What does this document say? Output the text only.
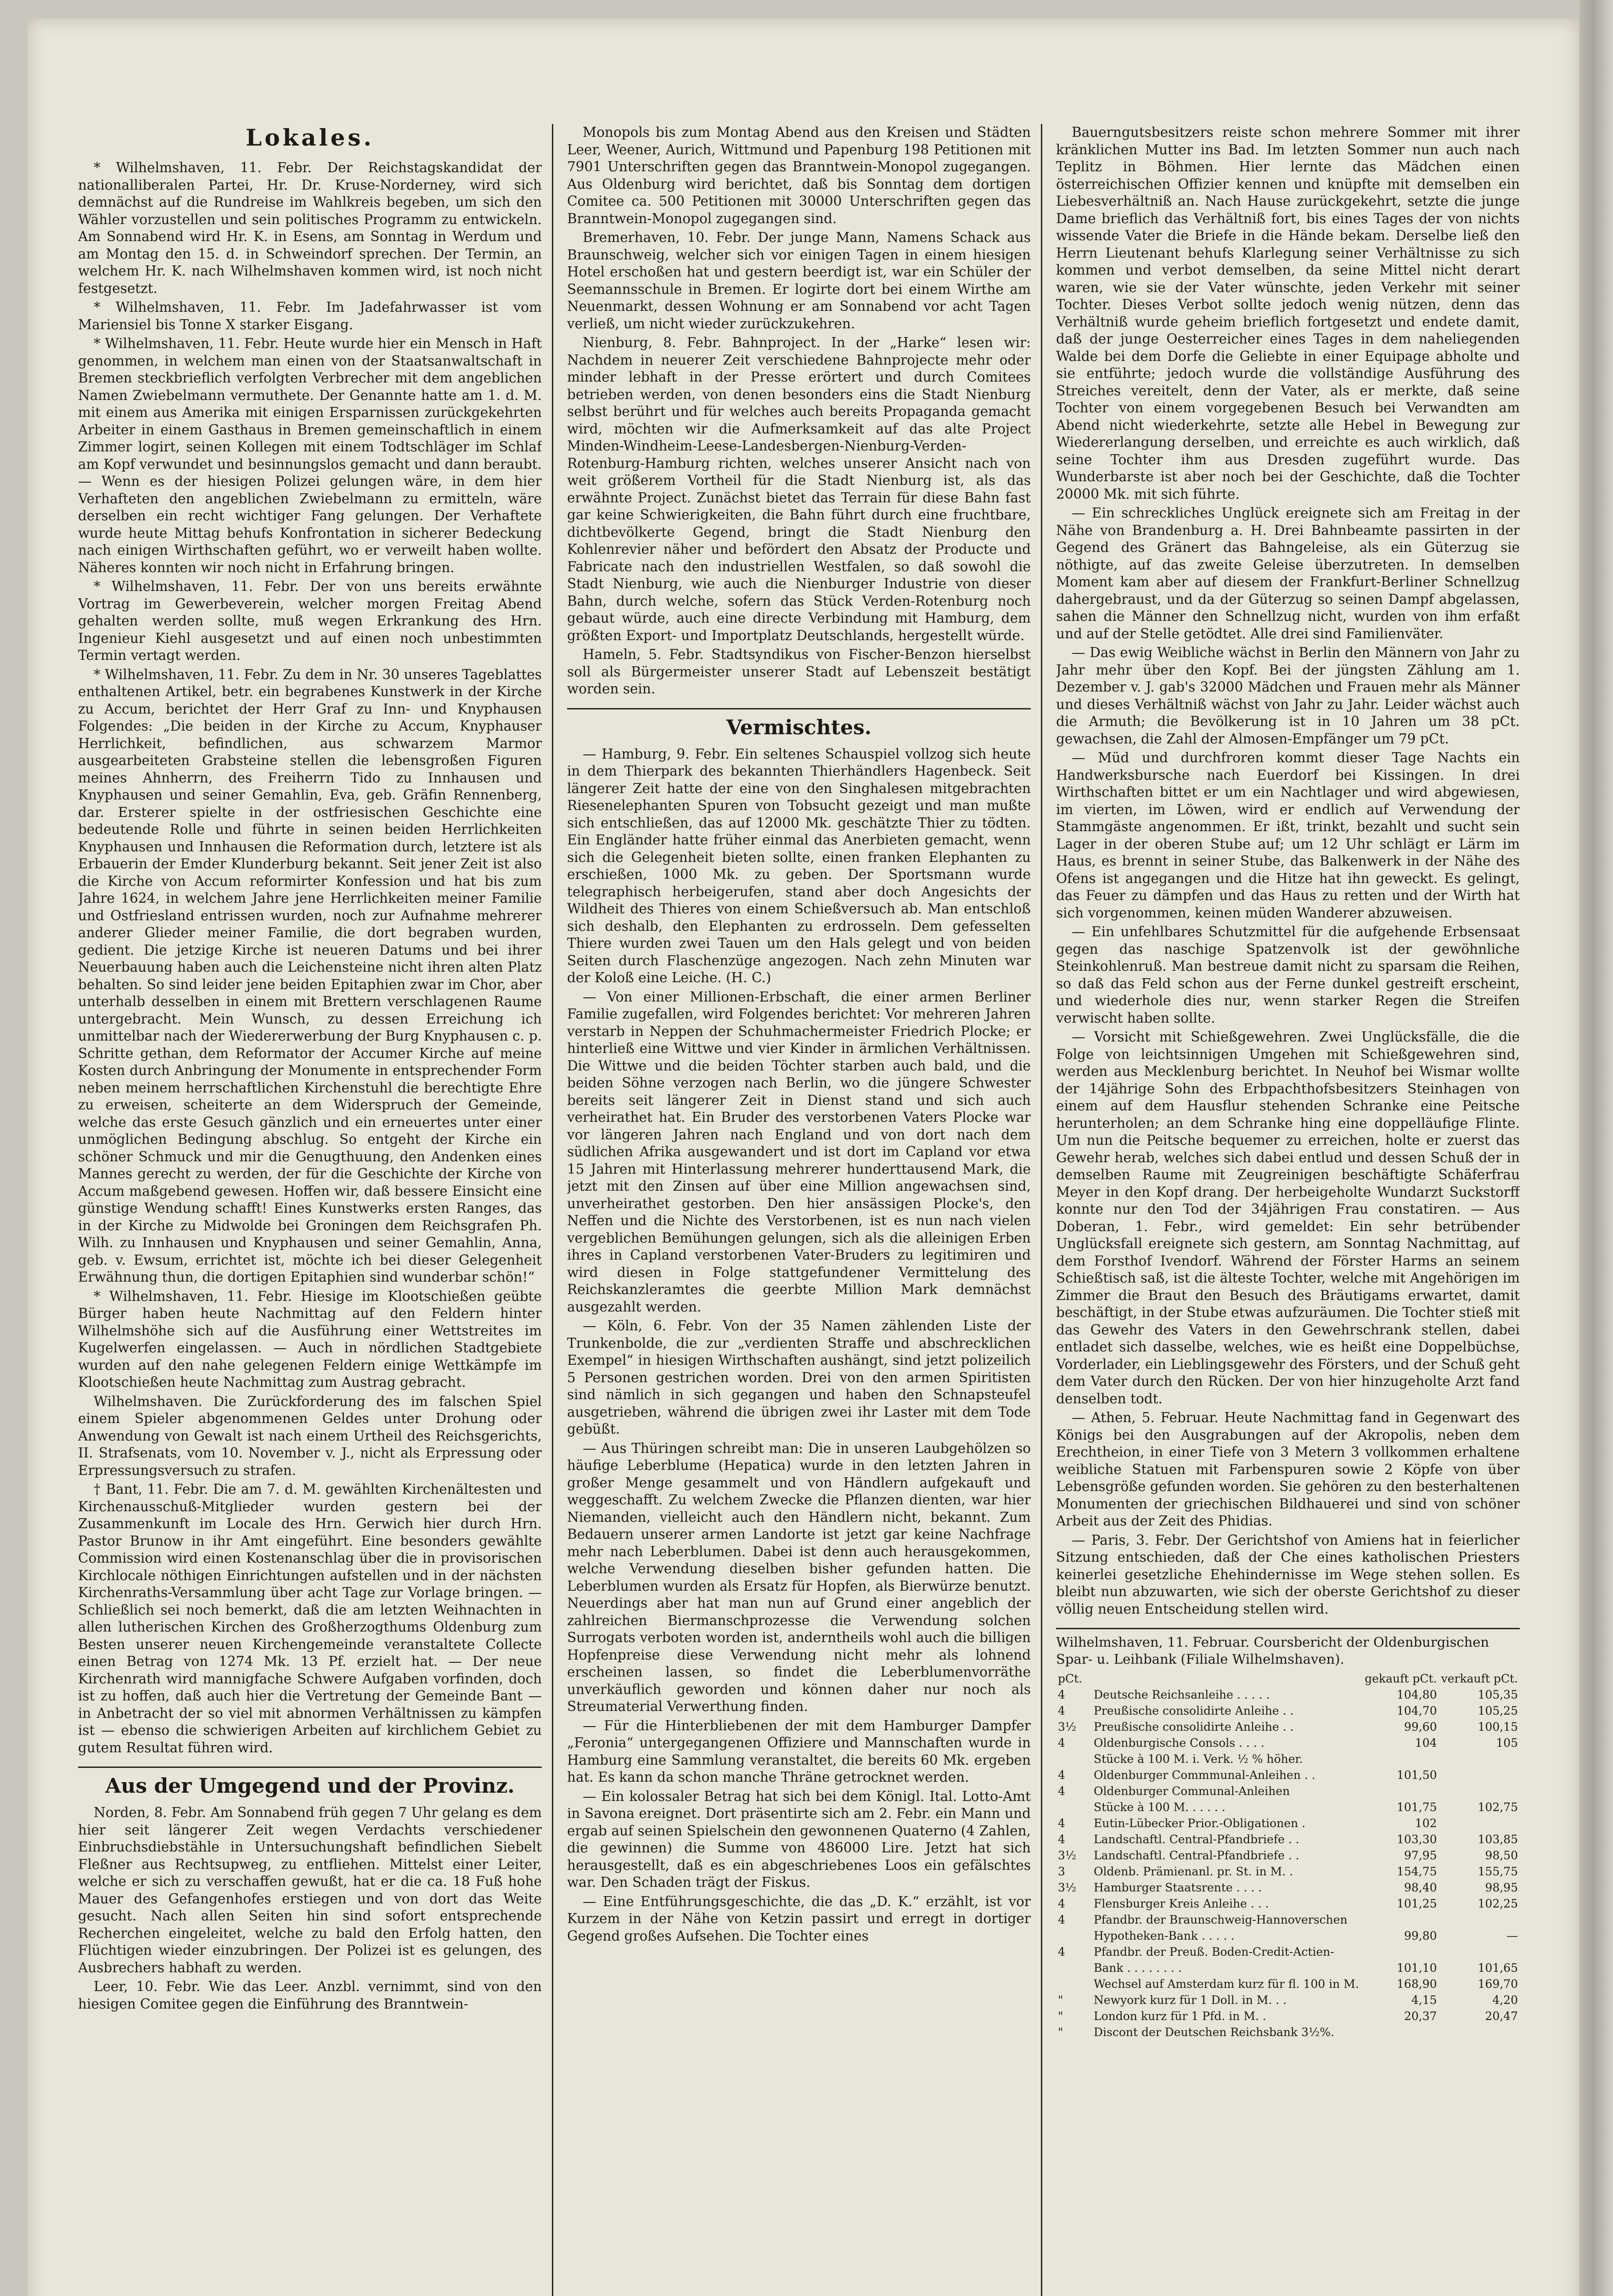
Lokales.

* Wilhelmshaven, 11. Febr. Der Reichstagskandidat der nationalliberalen Partei, Hr. Dr. Kruse-Norderney, wird sich demnächst auf die Rundreise im Wahlkreis begeben, um sich den Wähler vorzustellen und sein politisches Programm zu entwickeln. Am Sonnabend wird Hr. K. in Esens, am Sonntag in Werdum und am Montag den 15. d. in Schweindorf sprechen. Der Termin, an welchem Hr. K. nach Wilhelmshaven kommen wird, ist noch nicht festgesetzt.

* Wilhelmshaven, 11. Febr. Im Jadefahrwasser ist vom Mariensiel bis Tonne X starker Eisgang.

* Wilhelmshaven, 11. Febr. Heute wurde hier ein Mensch in Haft genommen, in welchem man einen von der Staatsanwaltschaft in Bremen steckbrieflich verfolgten Verbrecher mit dem angeblichen Namen Zwiebelmann vermuthete. Der Genannte hatte am 1. d. M. mit einem aus Amerika mit einigen Ersparnissen zurückgekehrten Arbeiter in einem Gasthaus in Bremen gemeinschaftlich in einem Zimmer logirt, seinen Kollegen mit einem Todtschläger im Schlaf am Kopf verwundet und besinnungslos gemacht und dann beraubt. — Wenn es der hiesigen Polizei gelungen wäre, in dem hier Verhafteten den angeblichen Zwiebelmann zu ermitteln, wäre derselben ein recht wichtiger Fang gelungen. Der Verhaftete wurde heute Mittag behufs Konfrontation in sicherer Bedeckung nach einigen Wirthschaften geführt, wo er verweilt haben wollte. Näheres konnten wir noch nicht in Erfahrung bringen.

* Wilhelmshaven, 11. Febr. Der von uns bereits erwähnte Vortrag im Gewerbeverein, welcher morgen Freitag Abend gehalten werden sollte, muß wegen Erkrankung des Hrn. Ingenieur Kiehl ausgesetzt und auf einen noch unbestimmten Termin vertagt werden.

* Wilhelmshaven, 11. Febr. Zu dem in Nr. 30 unseres Tageblattes enthaltenen Artikel, betr. ein begrabenes Kunstwerk in der Kirche zu Accum, berichtet der Herr Graf zu Inn- und Knyphausen Folgendes: „Die beiden in der Kirche zu Accum, Knyphauser Herrlichkeit, befindlichen, aus schwarzem Marmor ausgearbeiteten Grabsteine stellen die lebensgroßen Figuren meines Ahnherrn, des Freiherrn Tido zu Innhausen und Knyphausen und seiner Gemahlin, Eva, geb. Gräfin Rennenberg, dar. Ersterer spielte in der ostfriesischen Geschichte eine bedeutende Rolle und führte in seinen beiden Herrlichkeiten Knyphausen und Innhausen die Reformation durch, letztere ist als Erbauerin der Emder Klunderburg bekannt. Seit jener Zeit ist also die Kirche von Accum reformirter Konfession und hat bis zum Jahre 1624, in welchem Jahre jene Herrlichkeiten meiner Familie und Ostfriesland entrissen wurden, noch zur Aufnahme mehrerer anderer Glieder meiner Familie, die dort begraben wurden, gedient. Die jetzige Kirche ist neueren Datums und bei ihrer Neuerbauung haben auch die Leichensteine nicht ihren alten Platz behalten. So sind leider jene beiden Epitaphien zwar im Chor, aber unterhalb desselben in einem mit Brettern verschlagenen Raume untergebracht. Mein Wunsch, zu dessen Erreichung ich unmittelbar nach der Wiedererwerbung der Burg Knyphausen c. p. Schritte gethan, dem Reformator der Accumer Kirche auf meine Kosten durch Anbringung der Monumente in entsprechender Form neben meinem herrschaftlichen Kirchenstuhl die berechtigte Ehre zu erweisen, scheiterte an dem Widerspruch der Gemeinde, welche das erste Gesuch gänzlich und ein erneuertes unter einer unmöglichen Bedingung abschlug. So entgeht der Kirche ein schöner Schmuck und mir die Genugthuung, den Andenken eines Mannes gerecht zu werden, der für die Geschichte der Kirche von Accum maßgebend gewesen. Hoffen wir, daß bessere Einsicht eine günstige Wendung schafft! Eines Kunstwerks ersten Ranges, das in der Kirche zu Midwolde bei Groningen dem Reichsgrafen Ph. Wilh. zu Innhausen und Knyphausen und seiner Gemahlin, Anna, geb. v. Ewsum, errichtet ist, möchte ich bei dieser Gelegenheit Erwähnung thun, die dortigen Epitaphien sind wunderbar schön!“

* Wilhelmshaven, 11. Febr. Hiesige im Klootschießen geübte Bürger haben heute Nachmittag auf den Feldern hinter Wilhelmshöhe sich auf die Ausführung einer Wettstreites im Kugelwerfen eingelassen. — Auch in nördlichen Stadtgebiete wurden auf den nahe gelegenen Feldern einige Wettkämpfe im Klootschießen heute Nachmittag zum Austrag gebracht.

Wilhelmshaven. Die Zurückforderung des im falschen Spiel einem Spieler abgenommenen Geldes unter Drohung oder Anwendung von Gewalt ist nach einem Urtheil des Reichsgerichts, II. Strafsenats, vom 10. November v. J., nicht als Erpressung oder Erpressungsversuch zu strafen.

† Bant, 11. Febr. Die am 7. d. M. gewählten Kirchenältesten und Kirchenausschuß-Mitglieder wurden gestern bei der Zusammenkunft im Locale des Hrn. Gerwich hier durch Hrn. Pastor Brunow in ihr Amt eingeführt. Eine besonders gewählte Commission wird einen Kostenanschlag über die in provisorischen Kirchlocale nöthigen Einrichtungen aufstellen und in der nächsten Kirchenraths-Versammlung über acht Tage zur Vorlage bringen. — Schließlich sei noch bemerkt, daß die am letzten Weihnachten in allen lutherischen Kirchen des Großherzogthums Oldenburg zum Besten unserer neuen Kirchengemeinde veranstaltete Collecte einen Betrag von 1274 Mk. 13 Pf. erzielt hat. — Der neue Kirchenrath wird mannigfache Schwere Aufgaben vorfinden, doch ist zu hoffen, daß auch hier die Vertretung der Gemeinde Bant — in Anbetracht der so viel mit abnormen Verhältnissen zu kämpfen ist — ebenso die schwierigen Arbeiten auf kirchlichem Gebiet zu gutem Resultat führen wird.

Aus der Umgegend und der Provinz.

Norden, 8. Febr. Am Sonnabend früh gegen 7 Uhr gelang es dem hier seit längerer Zeit wegen Verdachts verschiedener Einbruchsdiebstähle in Untersuchungshaft befindlichen Siebelt Fleßner aus Rechtsupweg, zu entfliehen. Mittelst einer Leiter, welche er sich zu verschaffen gewußt, hat er die ca. 18 Fuß hohe Mauer des Gefangenhofes erstiegen und von dort das Weite gesucht. Nach allen Seiten hin sind sofort entsprechende Recherchen eingeleitet, welche zu bald den Erfolg hatten, den Flüchtigen wieder einzubringen. Der Polizei ist es gelungen, des Ausbrechers habhaft zu werden.

Leer, 10. Febr. Wie das Leer. Anzbl. vernimmt, sind von den hiesigen Comitee gegen die Einführung des Branntwein-

Monopols bis zum Montag Abend aus den Kreisen und Städten Leer, Weener, Aurich, Wittmund und Papenburg 198 Petitionen mit 7901 Unterschriften gegen das Branntwein-Monopol zugegangen. Aus Oldenburg wird berichtet, daß bis Sonntag dem dortigen Comitee ca. 500 Petitionen mit 30000 Unterschriften gegen das Branntwein-Monopol zugegangen sind.

Bremerhaven, 10. Febr. Der junge Mann, Namens Schack aus Braunschweig, welcher sich vor einigen Tagen in einem hiesigen Hotel erschoßen hat und gestern beerdigt ist, war ein Schüler der Seemannsschule in Bremen. Er logirte dort bei einem Wirthe am Neuenmarkt, dessen Wohnung er am Sonnabend vor acht Tagen verließ, um nicht wieder zurückzukehren.

Nienburg, 8. Febr. Bahnproject. In der „Harke“ lesen wir: Nachdem in neuerer Zeit verschiedene Bahnprojecte mehr oder minder lebhaft in der Presse erörtert und durch Comitees betrieben werden, von denen besonders eins die Stadt Nienburg selbst berührt und für welches auch bereits Propaganda gemacht wird, möchten wir die Aufmerksamkeit auf das alte Project Minden-Windheim-Leese-Landesbergen-Nienburg-Verden-Rotenburg-Hamburg richten, welches unserer Ansicht nach von weit größerem Vortheil für die Stadt Nienburg ist, als das erwähnte Project. Zunächst bietet das Terrain für diese Bahn fast gar keine Schwierigkeiten, die Bahn führt durch eine fruchtbare, dichtbevölkerte Gegend, bringt die Stadt Nienburg den Kohlenrevier näher und befördert den Absatz der Producte und Fabricate nach den industriellen Westfalen, so daß sowohl die Stadt Nienburg, wie auch die Nienburger Industrie von dieser Bahn, durch welche, sofern das Stück Verden-Rotenburg noch gebaut würde, auch eine directe Verbindung mit Hamburg, dem größten Export- und Importplatz Deutschlands, hergestellt würde.

Hameln, 5. Febr. Stadtsyndikus von Fischer-Benzon hierselbst soll als Bürgermeister unserer Stadt auf Lebenszeit bestätigt worden sein.

Vermischtes.

— Hamburg, 9. Febr. Ein seltenes Schauspiel vollzog sich heute in dem Thierpark des bekannten Thierhändlers Hagenbeck. Seit längerer Zeit hatte der eine von den Singhalesen mitgebrachten Riesenelephanten Spuren von Tobsucht gezeigt und man mußte sich entschließen, das auf 12000 Mk. geschätzte Thier zu tödten. Ein Engländer hatte früher einmal das Anerbieten gemacht, wenn sich die Gelegenheit bieten sollte, einen franken Elephanten zu erschießen, 1000 Mk. zu geben. Der Sportsmann wurde telegraphisch herbeigerufen, stand aber doch Angesichts der Wildheit des Thieres von einem Schießversuch ab. Man entschloß sich deshalb, den Elephanten zu erdrosseln. Dem gefesselten Thiere wurden zwei Tauen um den Hals gelegt und von beiden Seiten durch Flaschenzüge angezogen. Nach zehn Minuten war der Koloß eine Leiche. (H. C.)

— Von einer Millionen-Erbschaft, die einer armen Berliner Familie zugefallen, wird Folgendes berichtet: Vor mehreren Jahren verstarb in Neppen der Schuhmachermeister Friedrich Plocke; er hinterließ eine Wittwe und vier Kinder in ärmlichen Verhältnissen. Die Wittwe und die beiden Töchter starben auch bald, und die beiden Söhne verzogen nach Berlin, wo die jüngere Schwester bereits seit längerer Zeit in Dienst stand und sich auch verheirathet hat. Ein Bruder des verstorbenen Vaters Plocke war vor längeren Jahren nach England und von dort nach dem südlichen Afrika ausgewandert und ist dort im Capland vor etwa 15 Jahren mit Hinterlassung mehrerer hunderttausend Mark, die jetzt mit den Zinsen auf über eine Million angewachsen sind, unverheirathet gestorben. Den hier ansässigen Plocke's, den Neffen und die Nichte des Verstorbenen, ist es nun nach vielen vergeblichen Bemühungen gelungen, sich als die alleinigen Erben ihres in Capland verstorbenen Vater-Bruders zu legitimiren und wird diesen in Folge stattgefundener Vermittelung des Reichskanzleramtes die geerbte Million Mark demnächst ausgezahlt werden.

— Köln, 6. Febr. Von der 35 Namen zählenden Liste der Trunkenbolde, die zur „verdienten Straffe und abschrecklichen Exempel“ in hiesigen Wirthschaften aushängt, sind jetzt polizeilich 5 Personen gestrichen worden. Drei von den armen Spiritisten sind nämlich in sich gegangen und haben den Schnapsteufel ausgetrieben, während die übrigen zwei ihr Laster mit dem Tode gebüßt.

— Aus Thüringen schreibt man: Die in unseren Laubgehölzen so häufige Leberblume (Hepatica) wurde in den letzten Jahren in großer Menge gesammelt und von Händlern aufgekauft und weggeschafft. Zu welchem Zwecke die Pflanzen dienten, war hier Niemanden, vielleicht auch den Händlern nicht, bekannt. Zum Bedauern unserer armen Landorte ist jetzt gar keine Nachfrage mehr nach Leberblumen. Dabei ist denn auch herausgekommen, welche Verwendung dieselben bisher gefunden hatten. Die Leberblumen wurden als Ersatz für Hopfen, als Bierwürze benutzt. Neuerdings aber hat man nun auf Grund einer angeblich der zahlreichen Biermanschprozesse die Verwendung solchen Surrogats verboten worden ist, anderntheils wohl auch die billigen Hopfenpreise diese Verwendung nicht mehr als lohnend erscheinen lassen, so findet die Leberblumenvorräthe unverkäuflich geworden und können daher nur noch als Streumaterial Verwerthung finden.

— Für die Hinterbliebenen der mit dem Hamburger Dampfer „Feronia“ untergegangenen Offiziere und Mannschaften wurde in Hamburg eine Sammlung veranstaltet, die bereits 60 Mk. ergeben hat. Es kann da schon manche Thräne getrocknet werden.

— Ein kolossaler Betrag hat sich bei dem Königl. Ital. Lotto-Amt in Savona ereignet. Dort präsentirte sich am 2. Febr. ein Mann und ergab auf seinen Spielschein den gewonnenen Quaterno (4 Zahlen, die gewinnen) die Summe von 486000 Lire. Jetzt hat sich herausgestellt, daß es ein abgeschriebenes Loos ein gefälschtes war. Den Schaden trägt der Fiskus.

— Eine Entführungsgeschichte, die das „D. K.“ erzählt, ist vor Kurzem in der Nähe von Ketzin passirt und erregt in dortiger Gegend großes Aufsehen. Die Tochter eines

Bauerngutsbesitzers reiste schon mehrere Sommer mit ihrer kränklichen Mutter ins Bad. Im letzten Sommer nun auch nach Teplitz in Böhmen. Hier lernte das Mädchen einen österreichischen Offizier kennen und knüpfte mit demselben ein Liebesverhältniß an. Nach Hause zurückgekehrt, setzte die junge Dame brieflich das Verhältniß fort, bis eines Tages der von nichts wissende Vater die Briefe in die Hände bekam. Derselbe ließ den Herrn Lieutenant behufs Klarlegung seiner Verhältnisse zu sich kommen und verbot demselben, da seine Mittel nicht derart waren, wie sie der Vater wünschte, jeden Verkehr mit seiner Tochter. Dieses Verbot sollte jedoch wenig nützen, denn das Verhältniß wurde geheim brieflich fortgesetzt und endete damit, daß der junge Oesterreicher eines Tages in dem naheliegenden Walde bei dem Dorfe die Geliebte in einer Equipage abholte und sie entführte; jedoch wurde die vollständige Ausführung des Streiches vereitelt, denn der Vater, als er merkte, daß seine Tochter von einem vorgegebenen Besuch bei Verwandten am Abend nicht wiederkehrte, setzte alle Hebel in Bewegung zur Wiedererlangung derselben, und erreichte es auch wirklich, daß seine Tochter ihm aus Dresden zugeführt wurde. Das Wunderbarste ist aber noch bei der Geschichte, daß die Tochter 20000 Mk. mit sich führte.

— Ein schreckliches Unglück ereignete sich am Freitag in der Nähe von Brandenburg a. H. Drei Bahnbeamte passirten in der Gegend des Gränert das Bahngeleise, als ein Güterzug sie nöthigte, auf das zweite Geleise überzutreten. In demselben Moment kam aber auf diesem der Frankfurt-Berliner Schnellzug dahergebraust, und da der Güterzug so seinen Dampf abgelassen, sahen die Männer den Schnellzug nicht, wurden von ihm erfaßt und auf der Stelle getödtet. Alle drei sind Familienväter.

— Das ewig Weibliche wächst in Berlin den Männern von Jahr zu Jahr mehr über den Kopf. Bei der jüngsten Zählung am 1. Dezember v. J. gab's 32000 Mädchen und Frauen mehr als Männer und dieses Verhältniß wächst von Jahr zu Jahr. Leider wächst auch die Armuth; die Bevölkerung ist in 10 Jahren um 38 pCt. gewachsen, die Zahl der Almosen-Empfänger um 79 pCt.

— Müd und durchfroren kommt dieser Tage Nachts ein Handwerksbursche nach Euerdorf bei Kissingen. In drei Wirthschaften bittet er um ein Nachtlager und wird abgewiesen, im vierten, im Löwen, wird er endlich auf Verwendung der Stammgäste angenommen. Er ißt, trinkt, bezahlt und sucht sein Lager in der oberen Stube auf; um 12 Uhr schlägt er Lärm im Haus, es brennt in seiner Stube, das Balkenwerk in der Nähe des Ofens ist angegangen und die Hitze hat ihn geweckt. Es gelingt, das Feuer zu dämpfen und das Haus zu retten und der Wirth hat sich vorgenommen, keinen müden Wanderer abzuweisen.

— Ein unfehlbares Schutzmittel für die aufgehende Erbsensaat gegen das naschige Spatzenvolk ist der gewöhnliche Steinkohlenruß. Man bestreue damit nicht zu sparsam die Reihen, so daß das Feld schon aus der Ferne dunkel gestreift erscheint, und wiederhole dies nur, wenn starker Regen die Streifen verwischt haben sollte.

— Vorsicht mit Schießgewehren. Zwei Unglücksfälle, die die Folge von leichtsinnigen Umgehen mit Schießgewehren sind, werden aus Mecklenburg berichtet. In Neuhof bei Wismar wollte der 14jährige Sohn des Erbpachthofsbesitzers Steinhagen von einem auf dem Hausflur stehenden Schranke eine Peitsche herunterholen; an dem Schranke hing eine doppelläufige Flinte. Um nun die Peitsche bequemer zu erreichen, holte er zuerst das Gewehr herab, welches sich dabei entlud und dessen Schuß der in demselben Raume mit Zeugreinigen beschäftigte Schäferfrau Meyer in den Kopf drang. Der herbeigeholte Wundarzt Suckstorff konnte nur den Tod der 34jährigen Frau constatiren. — Aus Doberan, 1. Febr., wird gemeldet: Ein sehr betrübender Unglücksfall ereignete sich gestern, am Sonntag Nachmittag, auf dem Forsthof Ivendorf. Während der Förster Harms an seinem Schießtisch saß, ist die älteste Tochter, welche mit Angehörigen im Zimmer die Braut den Besuch des Bräutigams erwartet, damit beschäftigt, in der Stube etwas aufzuräumen. Die Tochter stieß mit das Gewehr des Vaters in den Gewehrschrank stellen, dabei entladet sich dasselbe, welches, wie es heißt eine Doppelbüchse, Vorderlader, ein Lieblingsgewehr des Försters, und der Schuß geht dem Vater durch den Rücken. Der von hier hinzugeholte Arzt fand denselben todt.

— Athen, 5. Februar. Heute Nachmittag fand in Gegenwart des Königs bei den Ausgrabungen auf der Akropolis, neben dem Erechtheion, in einer Tiefe von 3 Metern 3 vollkommen erhaltene weibliche Statuen mit Farbenspuren sowie 2 Köpfe von über Lebensgröße gefunden worden. Sie gehören zu den besterhaltenen Monumenten der griechischen Bildhauerei und sind von schöner Arbeit aus der Zeit des Phidias.

— Paris, 3. Febr. Der Gerichtshof von Amiens hat in feierlicher Sitzung entschieden, daß der Che eines katholischen Priesters keinerlei gesetzliche Ehehindernisse im Wege stehen sollen. Es bleibt nun abzuwarten, wie sich der oberste Gerichtshof zu dieser völlig neuen Entscheidung stellen wird.

Wilhelmshaven, 11. Februar. Coursbericht der Oldenburgischen Spar- u. Leihbank (Filiale Wilhelmshaven).
pCt.		gekauft pCt.	verkauft pCt.
4	Deutsche Reichsanleihe . . . . .	104,80	105,35
4	Preußische consolidirte Anleihe . .	104,70	105,25
3½	Preußische consolidirte Anleihe . .	99,60	100,15
4	Oldenburgische Consols . . . .	104	105
	Stücke à 100 M. i. Verk. ½ % höher.		
4	Oldenburger Commmunal-Anleihen . .	101,50	
4	Oldenburger Communal-Anleihen		
	Stücke à 100 M. . . . . .	101,75	102,75
4	Eutin-Lübecker Prior.-Obligationen .	102	
4	Landschaftl. Central-Pfandbriefe . .	103,30	103,85
3½	Landschaftl. Central-Pfandbriefe . .	97,95	98,50
3	Oldenb. Prämienanl. pr. St. in M. .	154,75	155,75
3½	Hamburger Staatsrente . . . .	98,40	98,95
4	Flensburger Kreis Anleihe . . .	101,25	102,25
4	Pfandbr. der Braunschweig-Hannoverschen		
	Hypotheken-Bank . . . . .	99,80	—
4	Pfandbr. der Preuß. Boden-Credit-Actien-		
	Bank . . . . . . . .	101,10	101,65
	Wechsel auf Amsterdam kurz für fl. 100 in M.	168,90	169,70
"	Newyork kurz für 1 Doll. in M. . .	4,15	4,20
"	London kurz für 1 Pfd. in M. .	20,37	20,47
"	Discont der Deutschen Reichsbank 3½%.		
